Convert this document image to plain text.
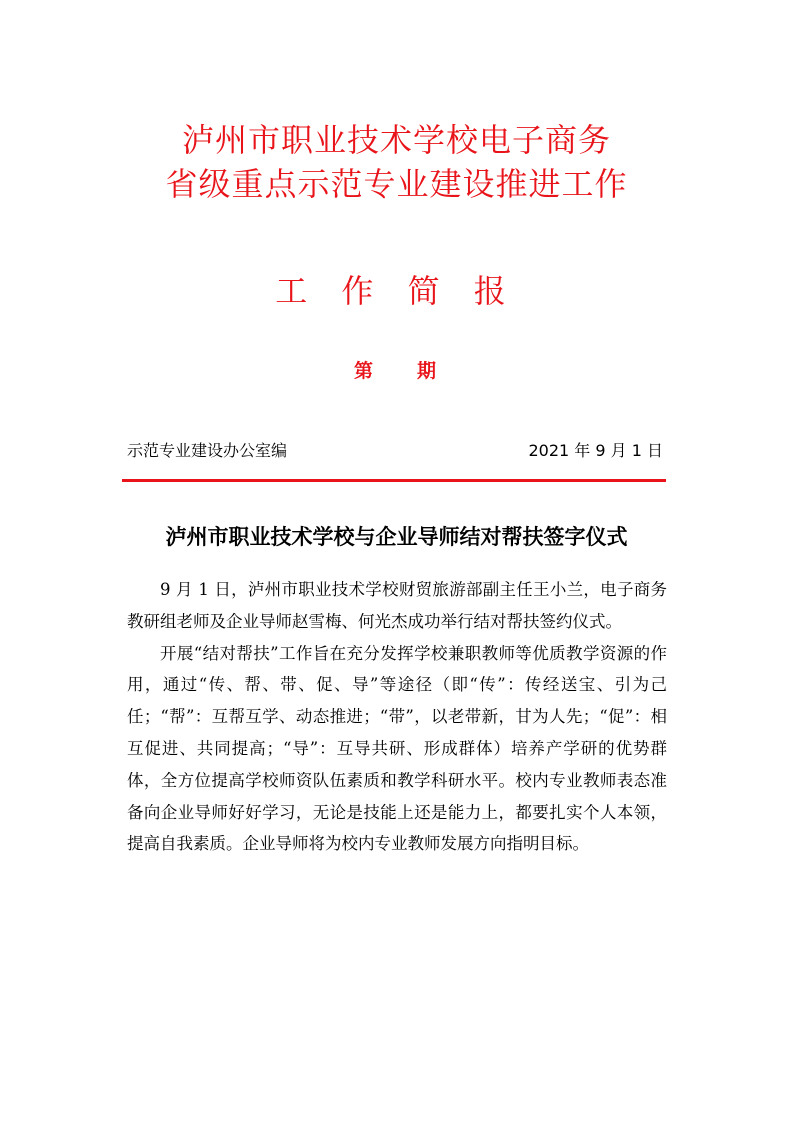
泸州市职业技术学校电子商务
省级重点示范专业建设推进工作
工 作 简 报
第 期
示范专业建设办公室编	2021 年 9 月 1 日
泸州市职业技术学校与企业导师结对帮扶签字仪式

9 月 1 日，泸州市职业技术学校财贸旅游部副主任王小兰，电子商务教研组老师及企业导师赵雪梅、何光杰成功举行结对帮扶签约仪式。

开展“结对帮扶”工作旨在充分发挥学校兼职教师等优质教学资源的作用，通过“传、帮、带、促、导”等途径（即“传”：传经送宝、引为己任；“帮”：互帮互学、动态推进；“带”，以老带新，甘为人先；“促”：相互促进、共同提高；“导”：互导共研、形成群体）培养产学研的优势群体，全方位提高学校师资队伍素质和教学科研水平。校内专业教师表态准备向企业导师好好学习，无论是技能上还是能力上，都要扎实个人本领，提高自我素质。企业导师将为校内专业教师发展方向指明目标。
